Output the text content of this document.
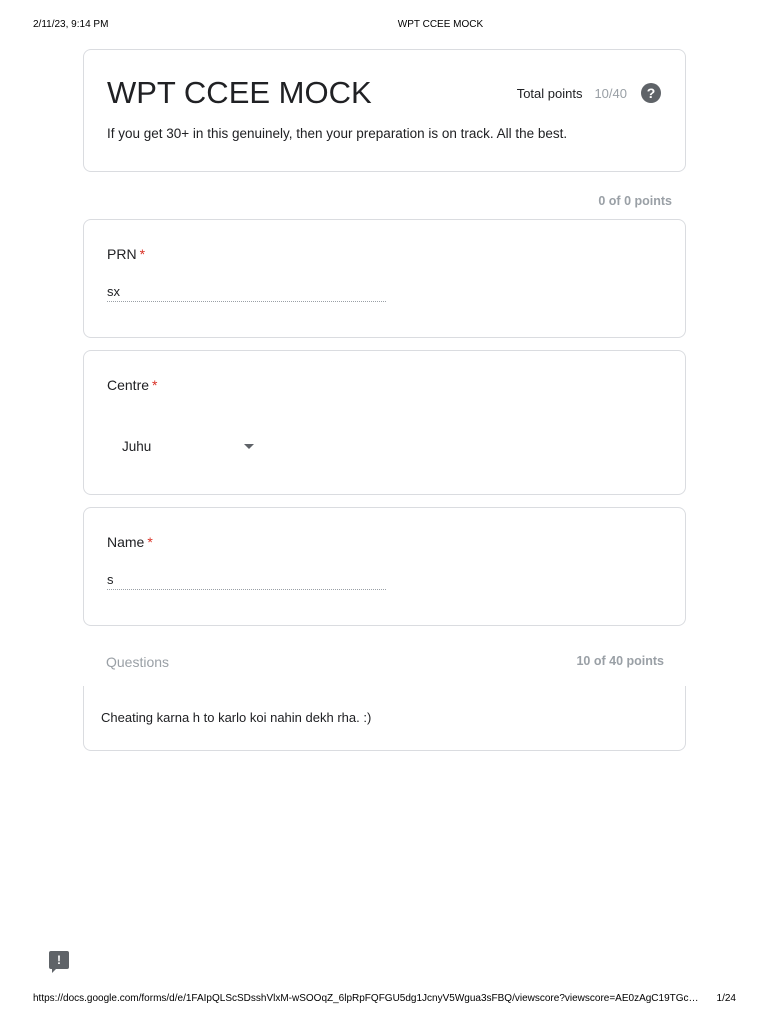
2/11/23, 9:14 PM	WPT CCEE MOCK
WPT CCEE MOCK	Total points 10/40	?
If you get 30+ in this genuinely, then your preparation is on track. All the best.
0 of 0 points
PRN *
sx
Centre *
Juhu
Name *
s
Questions	10 of 40 points
Cheating karna h to karlo koi nahin dekh rha. :)
!
https://docs.google.com/forms/d/e/1FAIpQLScSDsshVlxM-wSOOqZ_6lpRpFQFGU5dg1JcnyV5Wgua3sFBQ/viewscore?viewscore=AE0zAgC19TGc…	1/24
